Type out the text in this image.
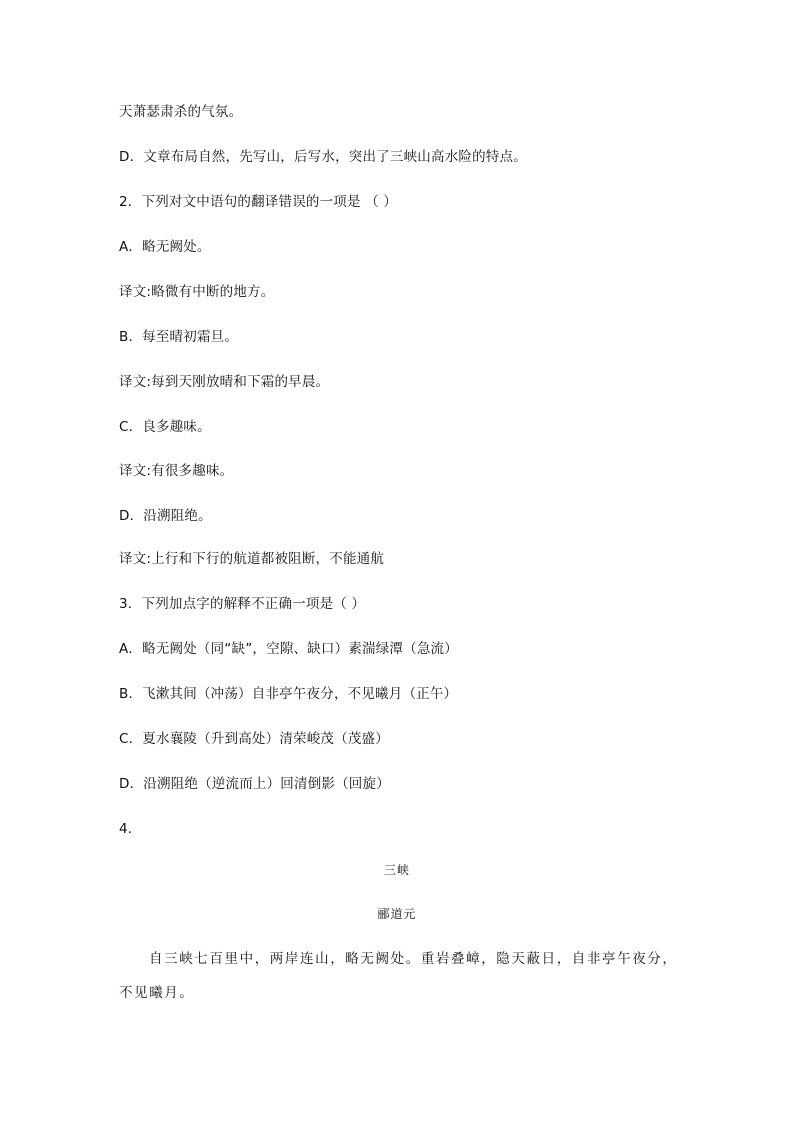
天萧瑟肃杀的气氛。
D．文章布局自然，先写山，后写水，突出了三峡山高水险的特点。
2．下列对文中语句的翻译错误的一项是 （ ）
A．略无阙处。
译文:略微有中断的地方。
B．每至晴初霜旦。
译文:每到天刚放晴和下霜的早晨。
C．良多趣味。
译文:有很多趣味。
D．沿溯阻绝。
译文:上行和下行的航道都被阻断，不能通航
3．下列加点字的解释不正确一项是（ ）
A．略无阙处（同“缺”，空隙、缺口）素湍绿潭（急流）
B．飞漱其间（冲荡）自非亭午夜分，不见曦月（正午）
C．夏水襄陵（升到高处）清荣峻茂（茂盛）
D．沿溯阻绝（逆流而上）回清倒影（回旋）
4．
三峡
郦道元
自三峡七百里中，两岸连山，略无阙处。重岩叠嶂，隐天蔽日，自非亭午夜分，不见曦月。
